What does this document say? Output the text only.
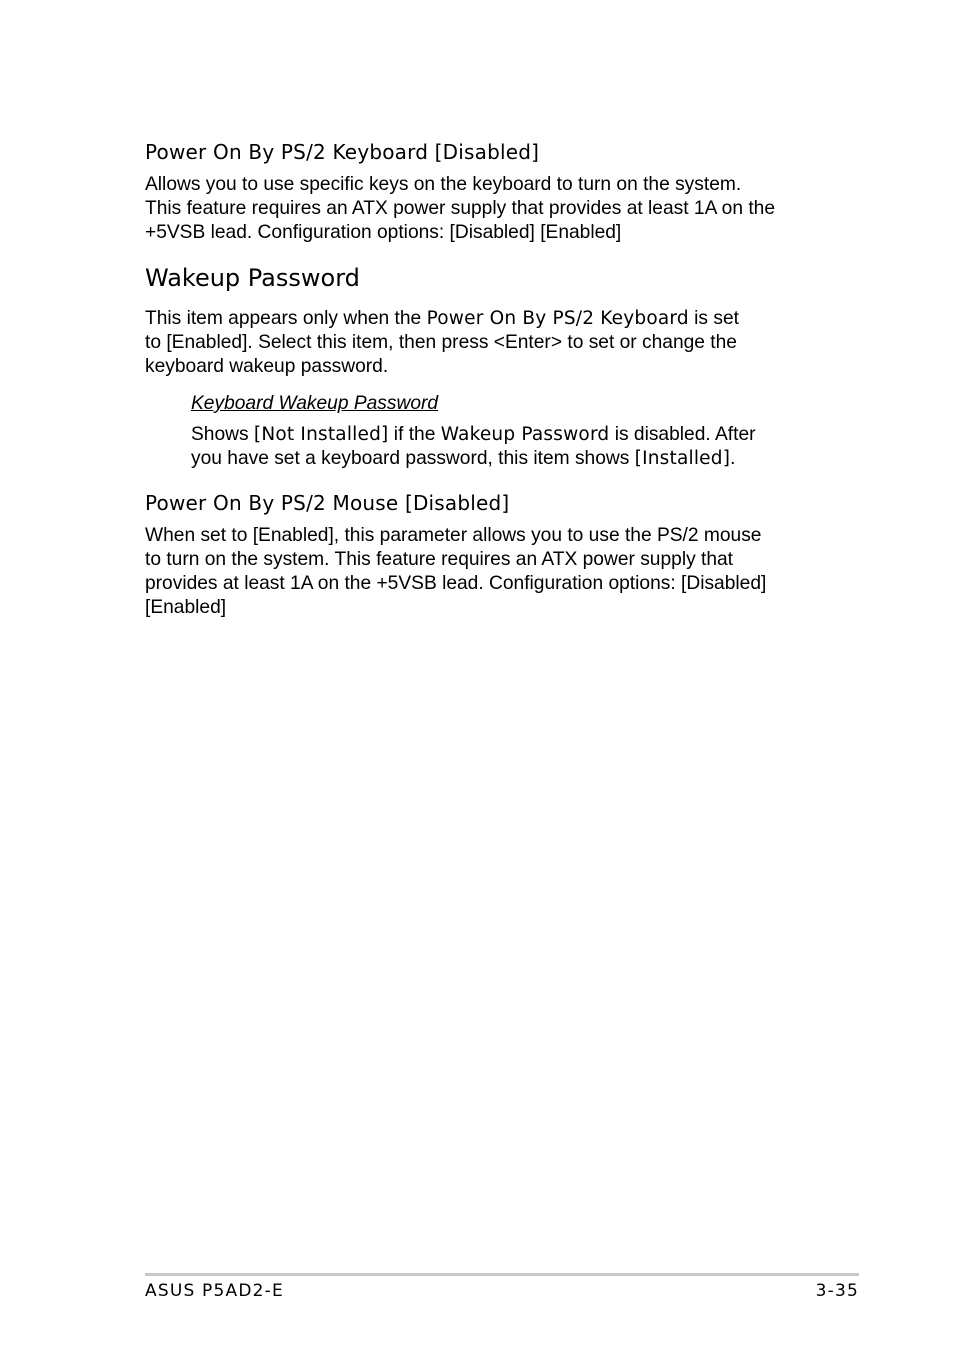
Power On By PS/2 Keyboard [Disabled]
Allows you to use specific keys on the keyboard to turn on the system.
This feature requires an ATX power supply that provides at least 1A on the
+5VSB lead. Configuration options: [Disabled] [Enabled]
Wakeup Password
This item appears only when the Power On By PS/2 Keyboard is set
to [Enabled]. Select this item, then press <Enter> to set or change the
keyboard wakeup password.
Keyboard Wakeup Password
Shows [Not Installed] if the Wakeup Password is disabled. After
you have set a keyboard password, this item shows [Installed].
Power On By PS/2 Mouse [Disabled]
When set to [Enabled], this parameter allows you to use the PS/2 mouse
to turn on the system. This feature requires an ATX power supply that
provides at least 1A on the +5VSB lead. Configuration options: [Disabled]
[Enabled]
ASUS P5AD2-E	3-35
